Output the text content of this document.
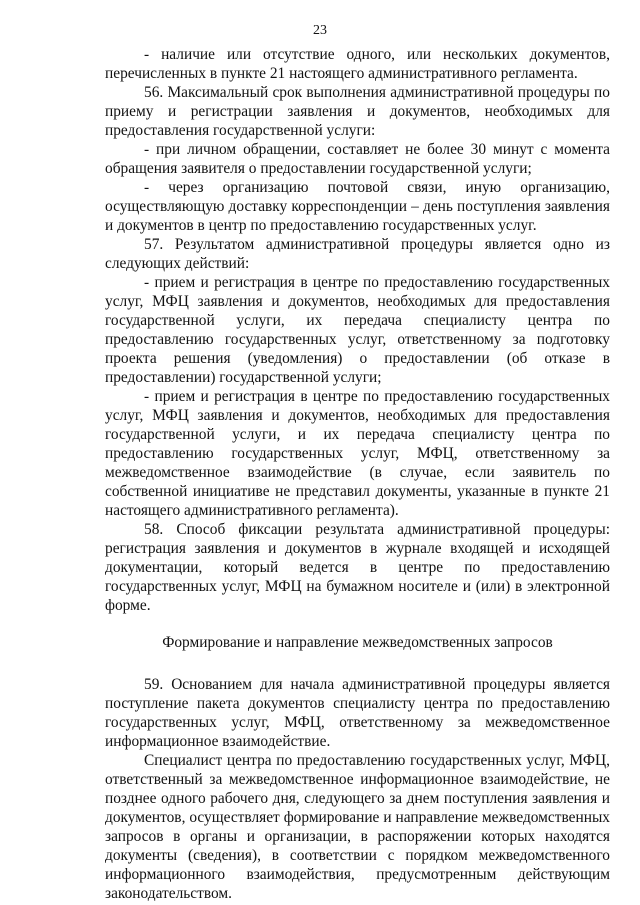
23

- наличие или отсутствие одного, или нескольких документов, перечисленных в пункте 21 настоящего административного регламента.

56. Максимальный срок выполнения административной процедуры по приему и регистрации заявления и документов, необходимых для предоставления государственной услуги:

- при личном обращении, составляет не более 30 минут с момента обращения заявителя о предоставлении государственной услуги;

- через организацию почтовой связи, иную организацию, осуществляющую доставку корреспонденции – день поступления заявления и документов в центр по предоставлению государственных услуг.

57. Результатом административной процедуры является одно из следующих действий:

- прием и регистрация в центре по предоставлению государственных услуг, МФЦ заявления и документов, необходимых для предоставления государственной услуги, их передача специалисту центра по предоставлению государственных услуг, ответственному за подготовку проекта решения (уведомления) о предоставлении (об отказе в предоставлении) государственной услуги;

- прием и регистрация в центре по предоставлению государственных услуг, МФЦ заявления и документов, необходимых для предоставления государственной услуги, и их передача специалисту центра по предоставлению государственных услуг, МФЦ, ответственному за межведомственное взаимодействие (в случае, если заявитель по собственной инициативе не представил документы, указанные в пункте 21 настоящего административного регламента).

58. Способ фиксации результата административной процедуры: регистрация заявления и документов в журнале входящей и исходящей документации, который ведется в центре по предоставлению государственных услуг, МФЦ на бумажном носителе и (или) в электронной форме.

Формирование и направление межведомственных запросов

59. Основанием для начала административной процедуры является поступление пакета документов специалисту центра по предоставлению государственных услуг, МФЦ, ответственному за межведомственное информационное взаимодействие.

Специалист центра по предоставлению государственных услуг, МФЦ, ответственный за межведомственное информационное взаимодействие, не позднее одного рабочего дня, следующего за днем поступления заявления и документов, осуществляет формирование и направление межведомственных запросов в органы и организации, в распоряжении которых находятся документы (сведения), в соответствии с порядком межведомственного информационного взаимодействия, предусмотренным действующим законодательством.
